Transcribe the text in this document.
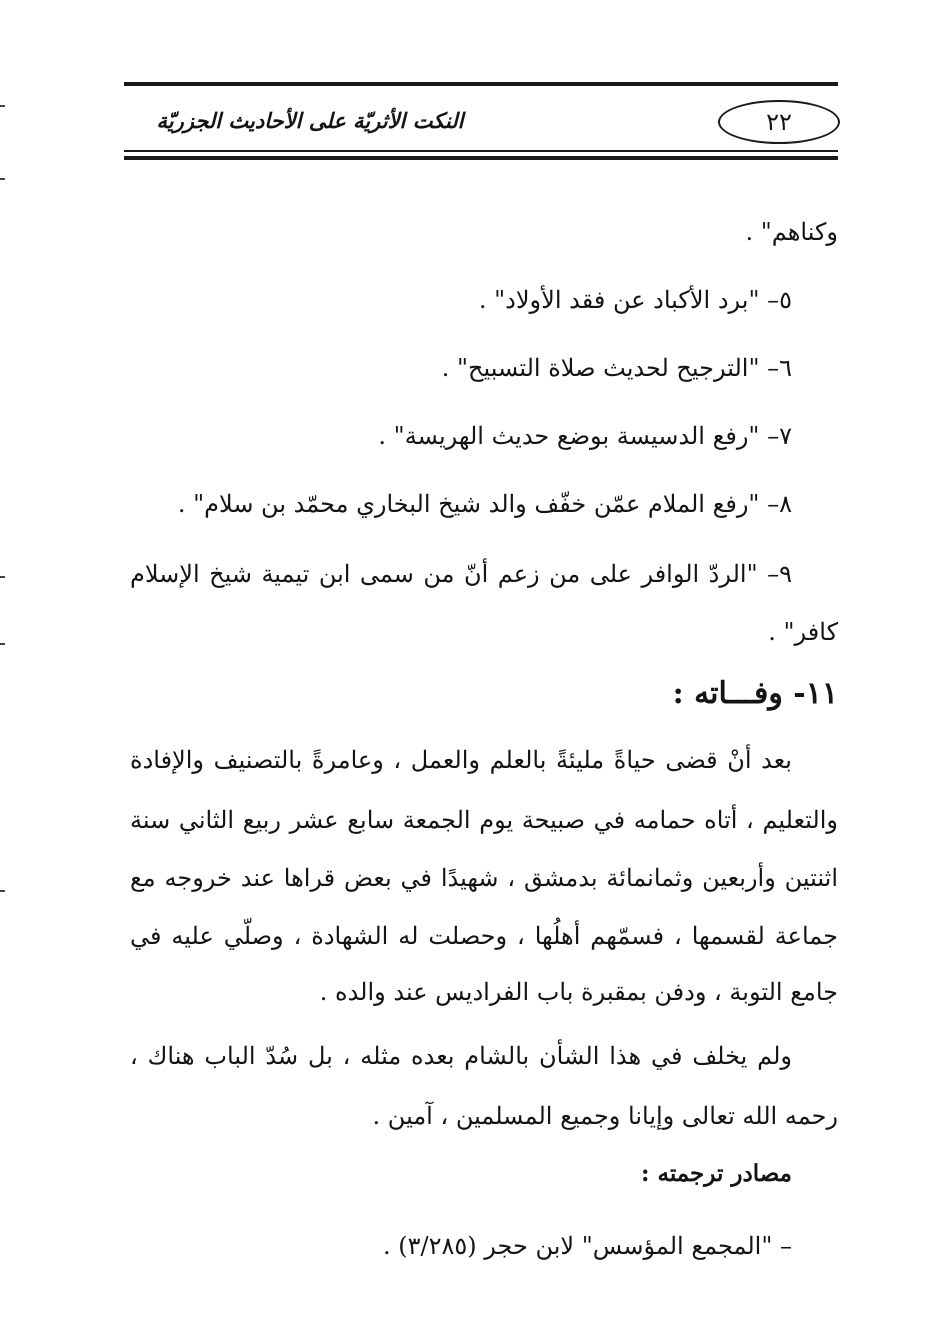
٢٢
النكت الأثريّة على الأحاديث الجزريّة
وكناهم" .
٥– "برد الأكباد عن فقد الأولاد" .
٦– "الترجيح لحديث صلاة التسبيح" .
٧– "رفع الدسيسة بوضع حديث الهريسة" .
٨– "رفع الملام عمّن خفّف والد شيخ البخاري محمّد بن سلام" .
٩– "الردّ الوافر على من زعم أنّ من سمى ابن تيمية شيخ الإسلام
كافر" .
١١- وفـــاته :
بعد أنْ قضى حياةً مليئةً بالعلم والعمل ، وعامرةً بالتصنيف والإفادة
والتعليم ، أتاه حمامه في صبيحة يوم الجمعة سابع عشر ربيع الثاني سنة
اثنتين وأربعين وثمانمائة بدمشق ، شهيدًا في بعض قراها عند خروجه مع
جماعة لقسمها ، فسمّهم أهلُها ، وحصلت له الشهادة ، وصلّي عليه في
جامع التوبة ، ودفن بمقبرة باب الفراديس عند والده .
ولم يخلف في هذا الشأن بالشام بعده مثله ، بل سُدّ الباب هناك ،
رحمه الله تعالى وإيانا وجميع المسلمين ، آمين .
مصادر ترجمته :
– "المجمع المؤسس" لابن حجر (٣/٢٨٥) .
